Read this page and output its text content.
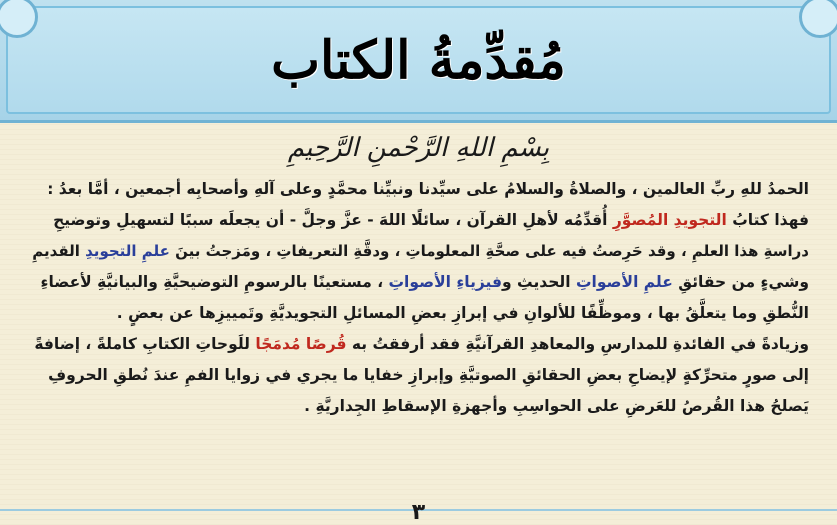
مُقدِّمةُ الكتاب
بِسْمِ اللهِ الرَّحْمنِ الرَّحِيمِ
الحمدُ للهِ ربِّ العالمين ، والصلاةُ والسلامُ على سيِّدنا ونبيِّنا محمَّدٍ وعلى آلهِ وأصحابِه أجمعين ، أمَّا بعدُ :
فهذا كتابُ التجويدِ المُصوَّرِ أُقدِّمُه لأهلِ القرآن ، سائلًا اللهَ - عزَّ وجلَّ - أن يجعلَه سببًا لتسهيلِ وتوضيحِ
دراسةِ هذا العلمِ ، وقد حَرِصتُ فيه على صحَّةِ المعلوماتِ ، ودقَّةِ التعريفاتِ ، ومَزجتُ بينَ علمِ التجويدِ القديمِ
وشيءٍ من حقائقِ علمِ الأصواتِ الحديثِ وفيزياءِ الأصواتِ ، مستعينًا بالرسومِ التوضيحيَّةِ والبيانيَّةِ لأعضاءِ
النُّطقِ وما يتعلَّقُ بها ، وموظِّفًا للألوانِ في إبرازِ بعضِ المسائلِ التجويديَّةِ وتَمييزِها عن بعضٍ .
وزيادةً في الفائدةِ للمدارسِ والمعاهدِ القرآنيَّةِ فقد أرفقتُ به قُرصًا مُدمَجًا للَوحاتِ الكتابِ كاملةً ، إضافةً
إلى صورٍ متحرِّكةٍ لإيضاحِ بعضِ الحقائقِ الصوتيَّةِ وإبرازِ خفايا ما يجري في زوايا الفمِ عندَ نُطقِ الحروفِ
يَصلحُ هذا القُرصُ للعَرضِ على الحواسِبِ وأجهزةِ الإسقاطِ الجِداريَّةِ .
٣
